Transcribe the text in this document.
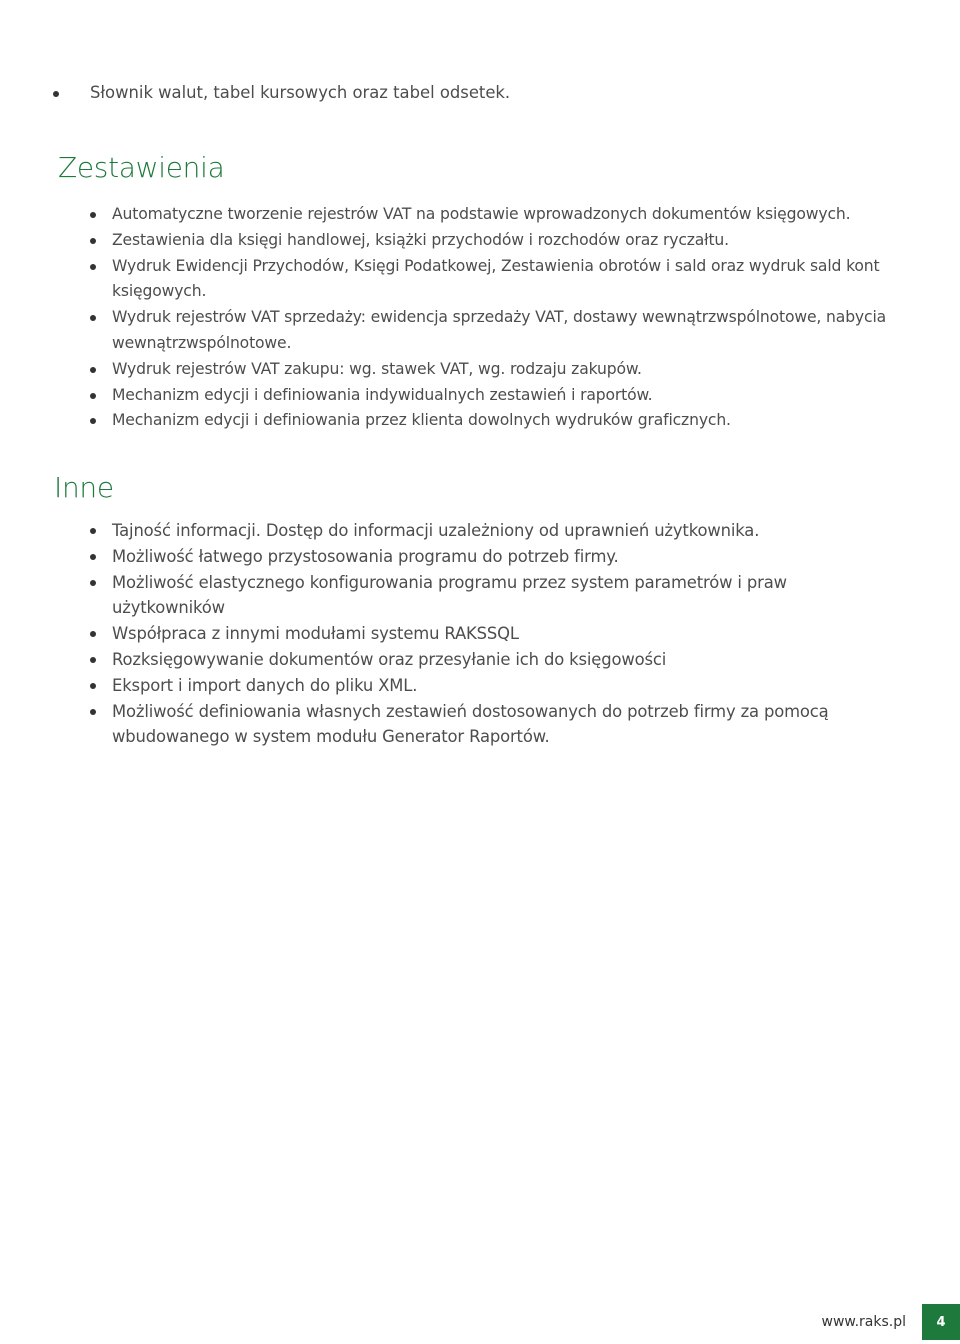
Słownik walut, tabel kursowych oraz tabel odsetek.
Zestawienia
Automatyczne tworzenie rejestrów VAT na podstawie wprowadzonych dokumentów księgowych.
Zestawienia dla księgi handlowej, książki przychodów i rozchodów oraz ryczałtu.
Wydruk Ewidencji Przychodów, Księgi Podatkowej, Zestawienia obrotów i sald oraz wydruk sald kont księgowych.
Wydruk rejestrów VAT sprzedaży: ewidencja sprzedaży VAT, dostawy wewnątrzwspólnotowe, nabycia wewnątrzwspólnotowe.
Wydruk rejestrów VAT zakupu: wg. stawek VAT, wg. rodzaju zakupów.
Mechanizm edycji i definiowania indywidualnych zestawień i raportów.
Mechanizm edycji i definiowania przez klienta dowolnych wydruków graficznych.
Inne
Tajność informacji. Dostęp do informacji uzależniony od uprawnień użytkownika.
Możliwość łatwego przystosowania programu do potrzeb firmy.
Możliwość elastycznego konfigurowania programu przez system parametrów i praw użytkowników
Współpraca z innymi modułami systemu RAKSSQL
Rozksięgowywanie dokumentów oraz przesyłanie ich do księgowości
Eksport i import danych do pliku XML.
Możliwość definiowania własnych zestawień dostosowanych do potrzeb firmy za pomocą wbudowanego w system modułu Generator Raportów.
www.raks.pl	4
